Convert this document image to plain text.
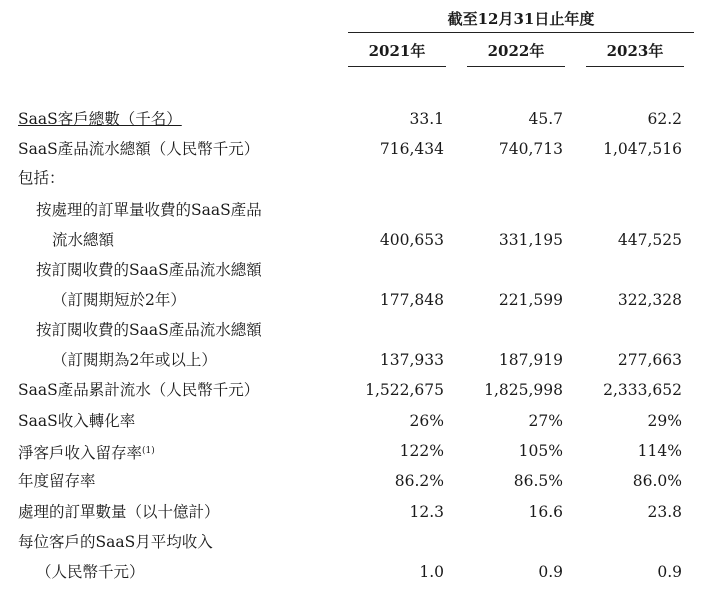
截至12月31日止年度
2021年	2022年	2023年
SaaS客戶總數（千名）	33.1	45.7	62.2
SaaS產品流水總額（人民幣千元）	716,434	740,713	1,047,516
包括：
按處理的訂單量收費的SaaS產品
流水總額	400,653	331,195	447,525
按訂閱收費的SaaS產品流水總額
（訂閱期短於2年）	177,848	221,599	322,328
按訂閱收費的SaaS產品流水總額
（訂閱期為2年或以上）	137,933	187,919	277,663
SaaS產品累計流水（人民幣千元）	1,522,675	1,825,998	2,333,652
SaaS收入轉化率	26%	27%	29%
淨客戶收入留存率$^{(1)}$	122%	105%	114%
年度留存率	86.2%	86.5%	86.0%
處理的訂單數量（以十億計）	12.3	16.6	23.8
每位客戶的SaaS月平均收入
（人民幣千元）	1.0	0.9	0.9
